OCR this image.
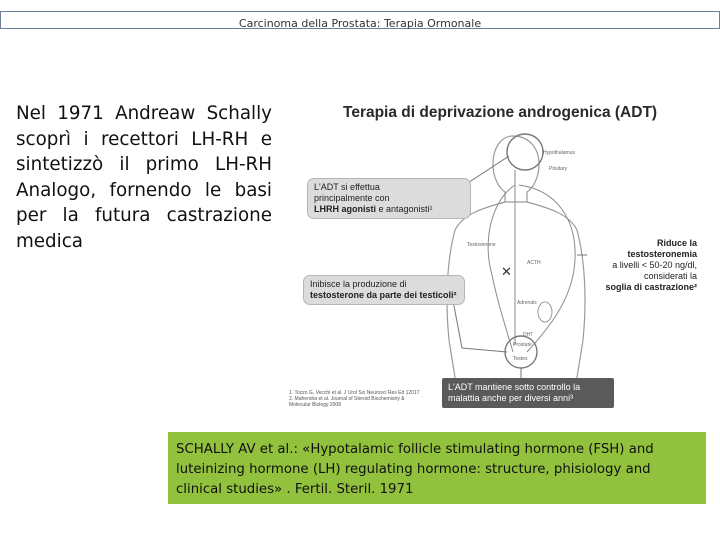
Carcinoma della Prostata: Terapia Ormonale
Nel 1971 Andreaw Schally scoprì i recettori LH-RH e sintetizzò il primo LH-RH Analogo, fornendo le basi per la futura castrazione medica
✕
Terapia di deprivazione androgenica (ADT)
L'ADT si effettua
principalmente con
LHRH agonisti e antagonisti¹
Inibisce la produzione di
testosterone da parte dei testicoli²
Riduce la testosteronemia
a livelli < 50-20 ng/dl,
considerati la
soglia di castrazione²
L'ADT mantiene sotto controllo la
malattia anche per diversi anni³
1. Tozzo G, Vecchi et al. J Urol Sci Neurosci Res Ed 12017
2. Mahendra et al. Journal of Steroid Biochemistry &
Molecular Biology 2008
Hypothalamus
Pituitary
Testosterone
ACTH
Adrenals
DHT
Prostate
Testes
SCHALLY AV et al.: «Hypotalamic follicle stimulating hormone (FSH) and luteinizing hormone (LH) regulating hormone: structure, phisiology and clinical studies» . Fertil. Steril. 1971
